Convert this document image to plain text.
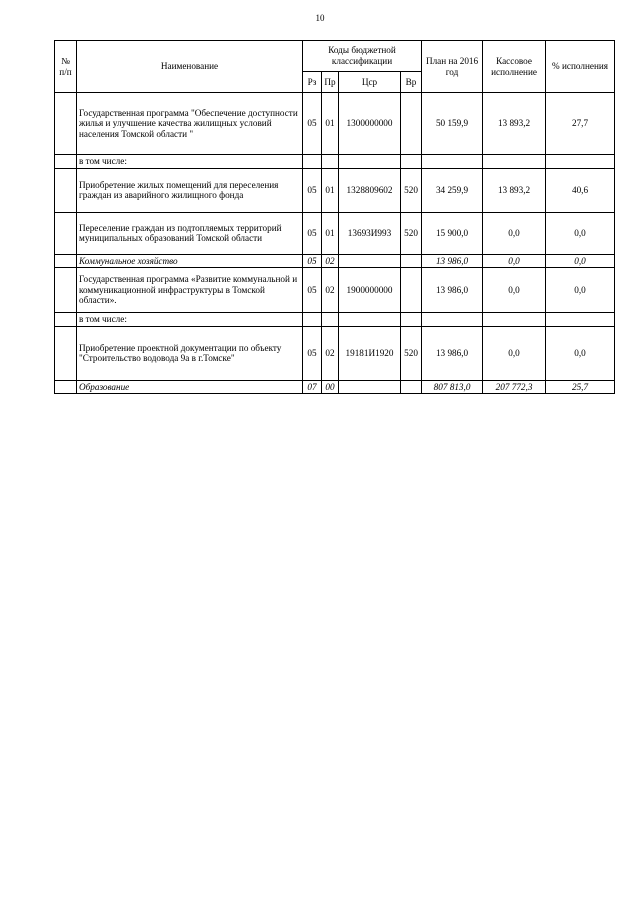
10
№ п/п	Наименование	Коды бюджетной классификации				План на 2016 год	Кассовое исполнение	% исполнения
		Рз	Пр	Цср	Вр			
	Государственная программа "Обеспечение доступности жилья и улучшение качества жилищных условий населения Томской области "	05	01	1300000000		50 159,9	13 893,2	27,7
	в том числе:							
	Приобретение жилых помещений для переселения граждан из аварийного жилищного фонда	05	01	1328809602	520	34 259,9	13 893,2	40,6
	Переселение граждан из подтопляемых территорий муниципальных образований Томской области	05	01	13693И993	520	15 900,0	0,0	0,0
	Коммунальное хозяйство	05	02			13 986,0	0,0	0,0
	Государственная программа «Развитие коммунальной и коммуникационной инфраструктуры в Томской области».	05	02	1900000000		13 986,0	0,0	0,0
	в том числе:							
	Приобретение проектной документации по объекту "Строительство водовода 9а в г.Томске"	05	02	19181И1920	520	13 986,0	0,0	0,0
	Образование	07	00			807 813,0	207 772,3	25,7
